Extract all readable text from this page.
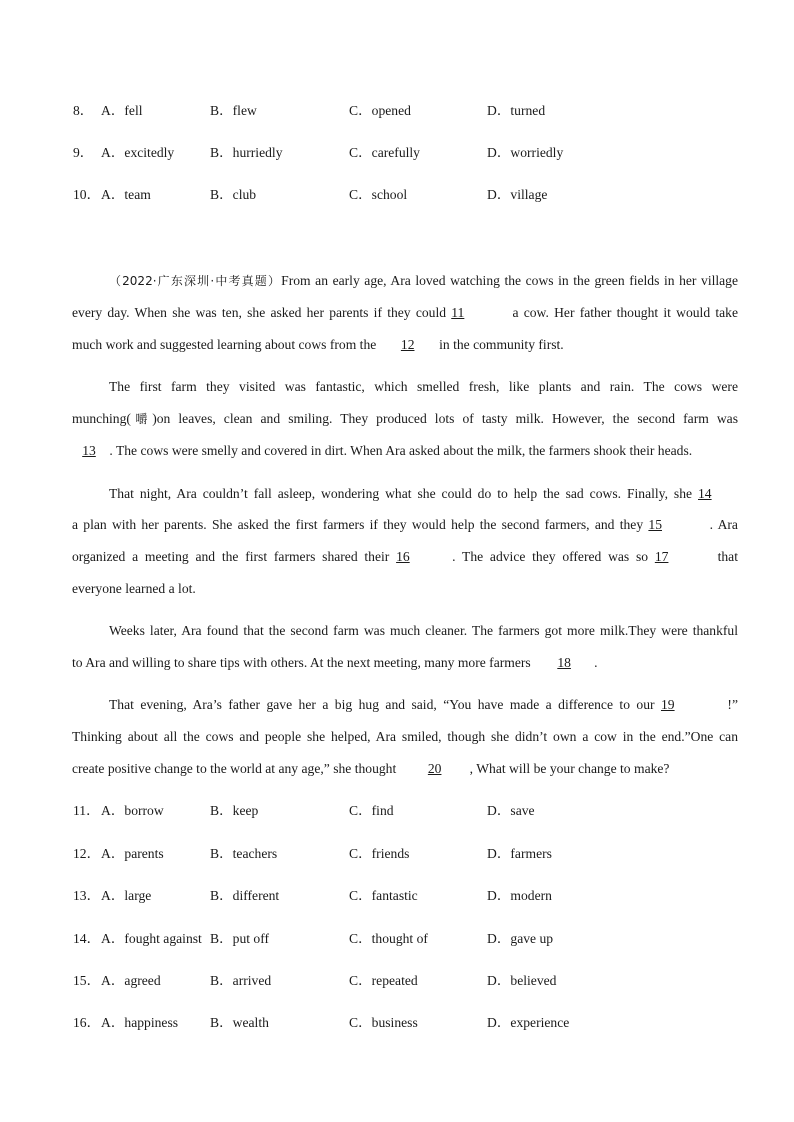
8． A．fell	B．flew	C．opened	D．turned
9． A．excitedly	B．hurriedly	C．carefully	D．worriedly
10． A．team	B．club	C．school	D．village
（2022·广东深圳·中考真题）From an early age, Ara loved watching the cows in the green fields in her village
every day. When she was ten, she asked her parents if they could 11	a cow. Her father thought it would take
much work and suggested learning about cows from the 12 in the community first.
The first farm they visited was fantastic, which smelled fresh, like plants and rain. The cows were
munching(嚼)on leaves, clean and smiling. They produced lots of tasty milk. However, the second farm was
13 . The cows were smelly and covered in dirt. When Ara asked about the milk, the farmers shook their heads.
That night, Ara couldn’t fall asleep, wondering what she could do to help the sad cows. Finally, she 14
a plan with her parents. She asked the first farmers if they would help the second farmers, and they 15	. Ara
organized a meeting and the first farmers shared their 16	. The advice they offered was so 17	that
everyone learned a lot.
Weeks later, Ara found that the second farm was much cleaner. The farmers got more milk.They were thankful
to Ara and willing to share tips with others. At the next meeting, many more farmers 18 .
That evening, Ara’s father gave her a big hug and said, “You have made a difference to our 19	!”
Thinking about all the cows and people she helped, Ara smiled, though she didn’t own a cow in the end.”One can
create positive change to the world at any age,” she thought 20 , What will be your change to make?
11． A．borrow	B．keep	C．find	D．save
12． A．parents	B．teachers	C．friends	D．farmers
13． A．large	B．different	C．fantastic	D．modern
14． A．fought against B．put off	C．thought of	D．gave up
15． A．agreed	B．arrived	C．repeated	D．believed
16． A．happiness B．wealth	C．business	D．experience
